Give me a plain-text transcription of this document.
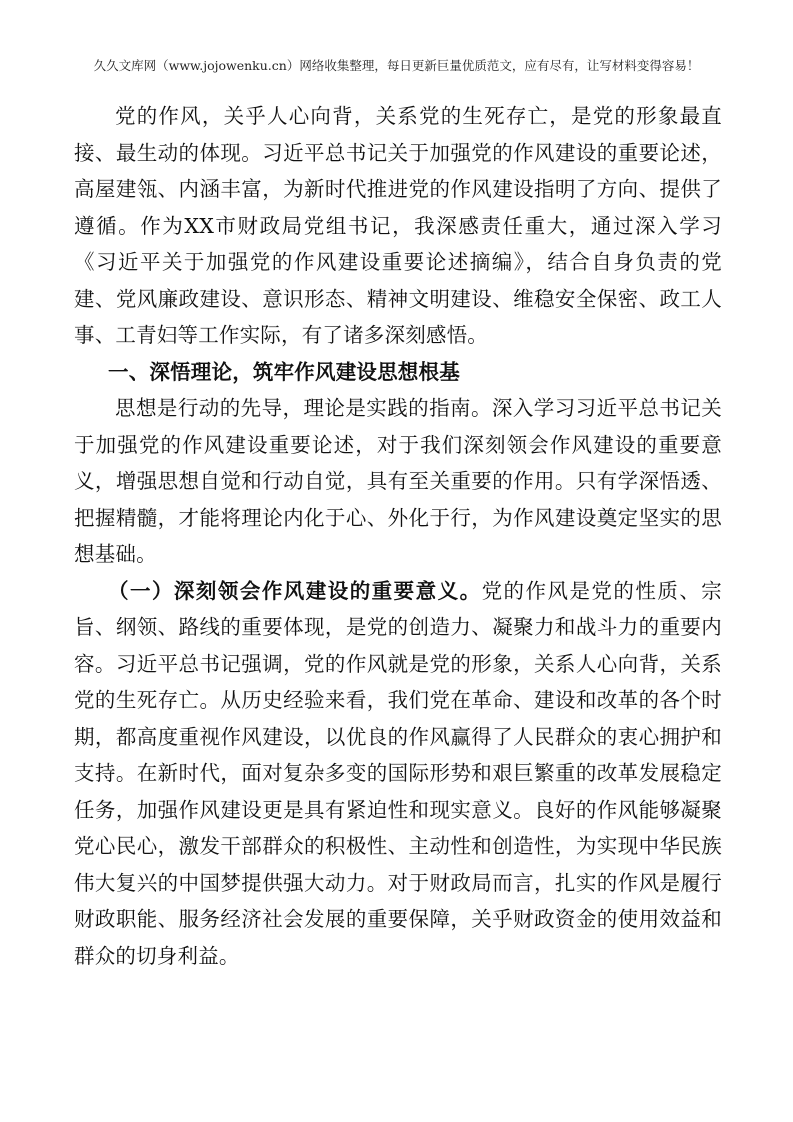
久久文库网（www.jojowenku.cn）网络收集整理，每日更新巨量优质范文，应有尽有，让写材料变得容易！

党的作风，关乎人心向背，关系党的生死存亡，是党的形象最直接、最生动的体现。习近平总书记关于加强党的作风建设的重要论述，高屋建瓴、内涵丰富，为新时代推进党的作风建设指明了方向、提供了遵循。作为XX市财政局党组书记，我深感责任重大，通过深入学习《习近平关于加强党的作风建设重要论述摘编》，结合自身负责的党建、党风廉政建设、意识形态、精神文明建设、维稳安全保密、政工人事、工青妇等工作实际，有了诸多深刻感悟。

一、深悟理论，筑牢作风建设思想根基

思想是行动的先导，理论是实践的指南。深入学习习近平总书记关于加强党的作风建设重要论述，对于我们深刻领会作风建设的重要意义，增强思想自觉和行动自觉，具有至关重要的作用。只有学深悟透、把握精髓，才能将理论内化于心、外化于行，为作风建设奠定坚实的思想基础。

（一）深刻领会作风建设的重要意义。党的作风是党的性质、宗旨、纲领、路线的重要体现，是党的创造力、凝聚力和战斗力的重要内容。习近平总书记强调，党的作风就是党的形象，关系人心向背，关系党的生死存亡。从历史经验来看，我们党在革命、建设和改革的各个时期，都高度重视作风建设，以优良的作风赢得了人民群众的衷心拥护和支持。在新时代，面对复杂多变的国际形势和艰巨繁重的改革发展稳定任务，加强作风建设更是具有紧迫性和现实意义。良好的作风能够凝聚党心民心，激发干部群众的积极性、主动性和创造性，为实现中华民族伟大复兴的中国梦提供强大动力。对于财政局而言，扎实的作风是履行财政职能、服务经济社会发展的重要保障，关乎财政资金的使用效益和群众的切身利益。
